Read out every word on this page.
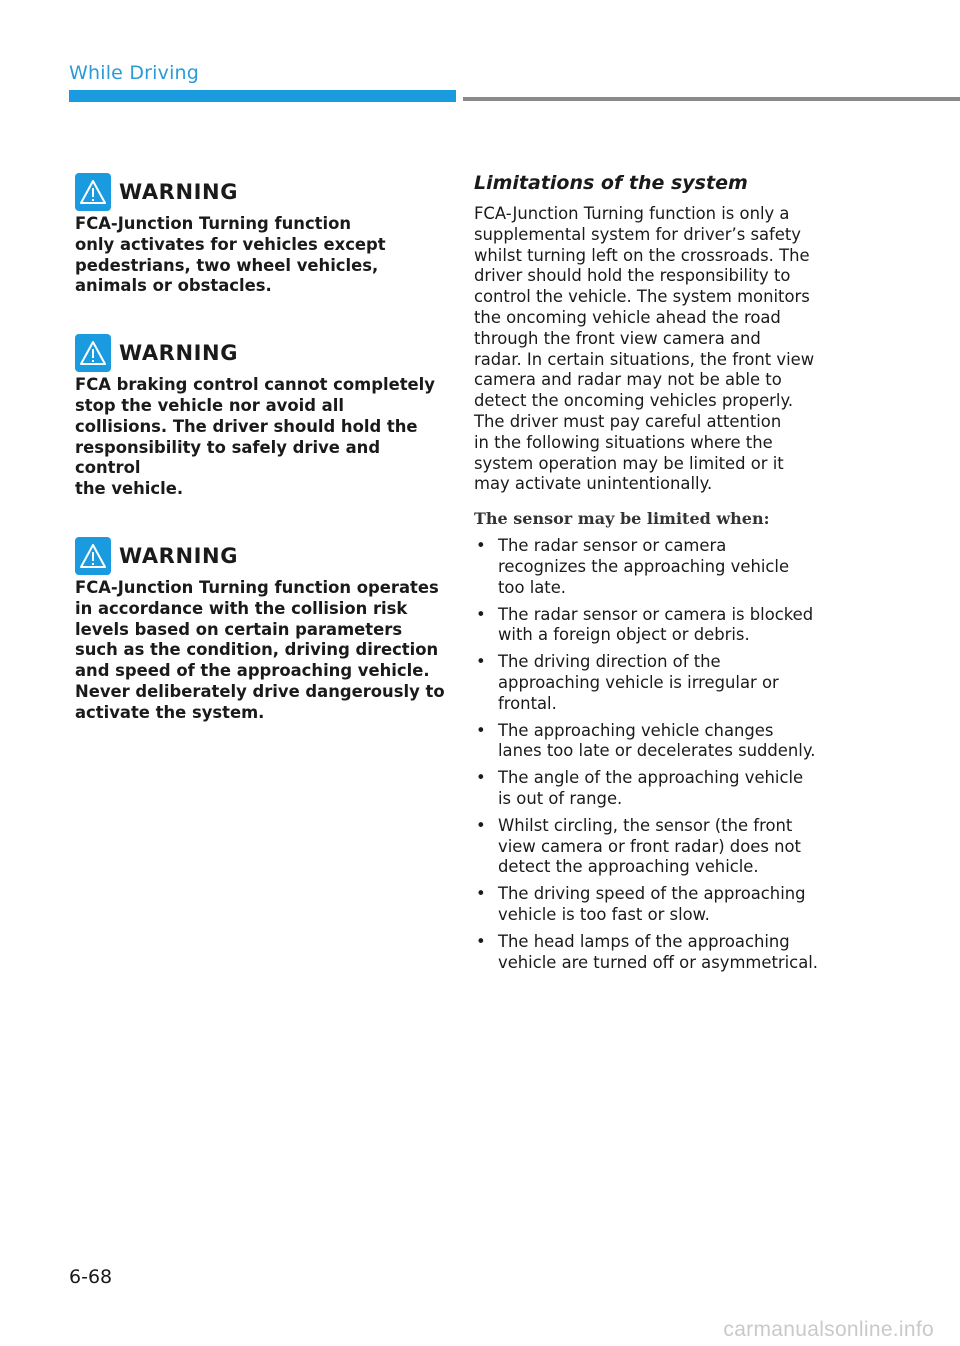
While Driving
WARNING

FCA-Junction Turning function
only activates for vehicles except
pedestrians, two wheel vehicles,
animals or obstacles.

WARNING

FCA braking control cannot completely
stop the vehicle nor avoid all
collisions. The driver should hold the
responsibility to safely drive and control
the vehicle.

WARNING

FCA-Junction Turning function operates
in accordance with the collision risk
levels based on certain parameters
such as the condition, driving direction
and speed of the approaching vehicle.
Never deliberately drive dangerously to
activate the system.

Limitations of the system

FCA-Junction Turning function is only a
supplemental system for driver’s safety
whilst turning left on the crossroads. The
driver should hold the responsibility to
control the vehicle. The system monitors
the oncoming vehicle ahead the road
through the front view camera and
radar. In certain situations, the front view
camera and radar may not be able to
detect the oncoming vehicles properly.
The driver must pay careful attention
in the following situations where the
system operation may be limited or it
may activate unintentionally.

The sensor may be limited when:

• The radar sensor or camera
recognizes the approaching vehicle
too late.
• The radar sensor or camera is blocked
with a foreign object or debris.
• The driving direction of the
approaching vehicle is irregular or
frontal.
• The approaching vehicle changes
lanes too late or decelerates suddenly.
• The angle of the approaching vehicle
is out of range.
• Whilst circling, the sensor (the front
view camera or front radar) does not
detect the approaching vehicle.
• The driving speed of the approaching
vehicle is too fast or slow.
• The head lamps of the approaching
vehicle are turned off or asymmetrical.
6-68
carmanualsonline.info
